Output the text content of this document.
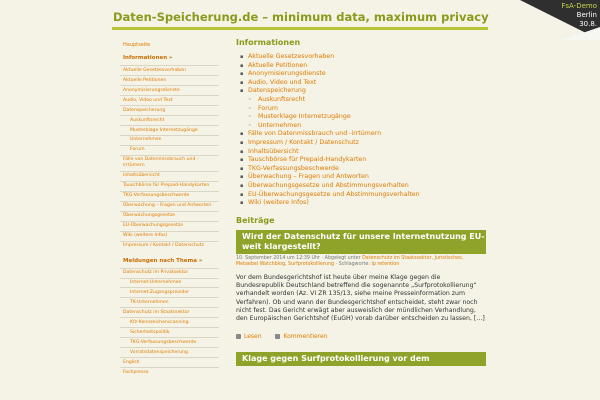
Daten-Speicherung.de – minimum data, maximum privacy
FsA-Demo
Berlin
30.8.
Hauptseite
Informationen »
Aktuelle Gesetzesvorhaben
Aktuelle Petitionen
Anonymisierungsdienste
Audio, Video und Text
Datenspeicherung
Auskunftsrecht
Musterklage Internetzugänge
Unternehmen
Forum
Fälle von Datenmissbrauch und -irrtümern
Inhaltsübersicht
Tauschbörse für Prepaid-Handykarten
TKG-Verfassungsbeschwerde
Überwachung – Fragen und Antworten
Überwachungsgesetze
EU-Überwachungsgesetze
Wiki (weitere Infos)
Impressum / Kontakt / Datenschutz
Meldungen nach Thema »
Datenschutz im Privatsektor
Internet-Unternehmen
Internet-Zugangsprovider
TK-Unternehmen
Datenschutz im Staatssektor
Kfz-Kennzeichenscanning
Sicherheitspolitik
TKG-Verfassungsbeschwerde
Vorratsdatenspeicherung
English
Fachpresse
Informationen
▪ Aktuelle Gesetzesvorhaben
▪ Aktuelle Petitionen
▪ Anonymisierungsdienste
▪ Audio, Video und Text
▪ Datenspeicherung
◦ Auskunftsrecht
◦ Forum
◦ Musterklage Internetzugänge
◦ Unternehmen
▪ Fälle von Datenmissbrauch und -irrtümern
▪ Impressum / Kontakt / Datenschutz
▪ Inhaltsübersicht
▪ Tauschbörse für Prepaid-Handykarten
▪ TKG-Verfassungsbeschwerde
▪ Überwachung – Fragen und Antworten
▪ Überwachungsgesetze und Abstimmungsverhalten
▪ EU-Überwachungsgesetze und Abstimmungsverhalten
▪ Wiki (weitere Infos)
Beiträge
Wird der Datenschutz für unsere Internetnutzung EU-weit klargestellt?
10. September 2014 um 12:39 Uhr · Abgelegt unter Datenschutz im Staatssektor, Juristisches, Metaebel Watchblog, Surfprotokollierung · Schlagworte: ip retention
Vor dem Bundesgerichtshof ist heute über meine Klage gegen die Bundesrepublik Deutschland betreffend die sogenannte „Surfprotokollierung“ verhandelt worden (Az. VI ZR 135/13, siehe meine Presseinformation zum Verfahren). Ob und wann der Bundesgerichtshof entscheidet, steht zwar noch nicht fest. Das Gericht erwägt aber ausweislich der mündlichen Verhandlung, den Europäischen Gerichtshof (EuGH) vorab darüber entscheiden zu lassen, […]
Lesen	Kommentieren
Klage gegen Surfprotokollierung vor dem
